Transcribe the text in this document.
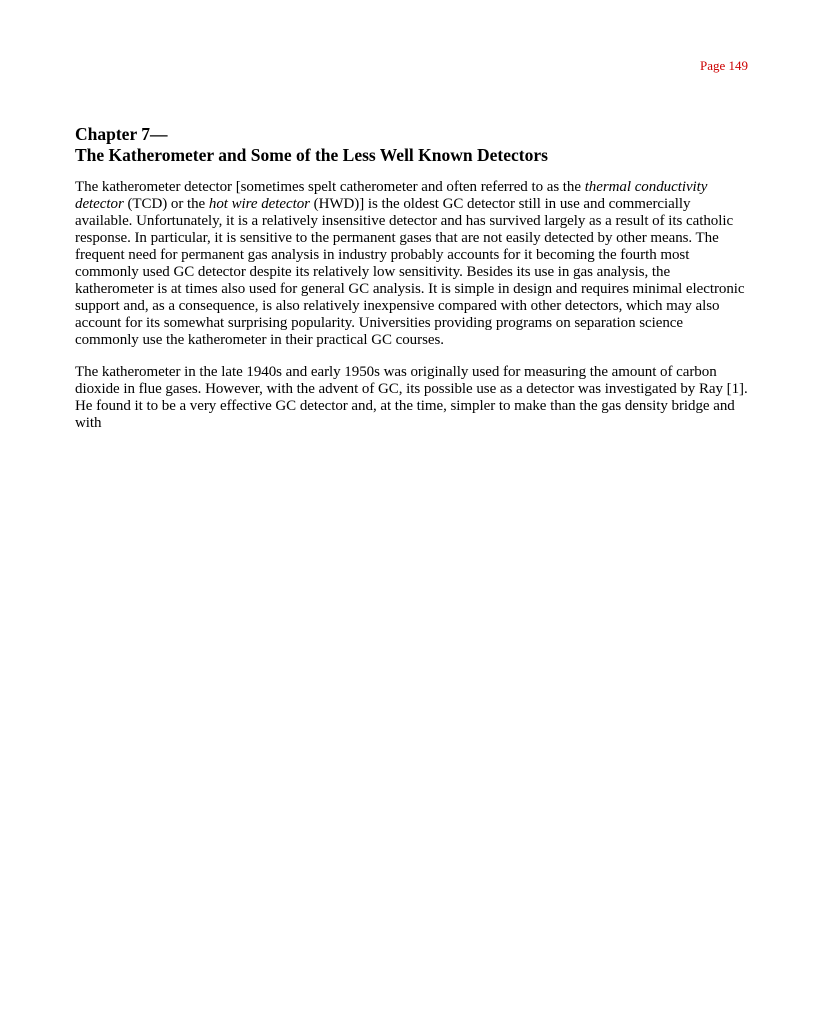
Page 149
Chapter 7—
The Katherometer and Some of the Less Well Known Detectors

The katherometer detector [sometimes spelt catherometer and often referred to as the thermal conductivity detector (TCD) or the hot wire detector (HWD)] is the oldest GC detector still in use and commercially available. Unfortunately, it is a relatively insensitive detector and has survived largely as a result of its catholic response. In particular, it is sensitive to the permanent gases that are not easily detected by other means. The frequent need for permanent gas analysis in industry probably accounts for it becoming the fourth most commonly used GC detector despite its relatively low sensitivity. Besides its use in gas analysis, the katherometer is at times also used for general GC analysis. It is simple in design and requires minimal electronic support and, as a consequence, is also relatively inexpensive compared with other detectors, which may also account for its somewhat surprising popularity. Universities providing programs on separation science commonly use the katherometer in their practical GC courses.

The katherometer in the late 1940s and early 1950s was originally used for measuring the amount of carbon dioxide in flue gases. However, with the advent of GC, its possible use as a detector was investigated by Ray [1]. He found it to be a very effective GC detector and, at the time, simpler to make than the gas density bridge and with
